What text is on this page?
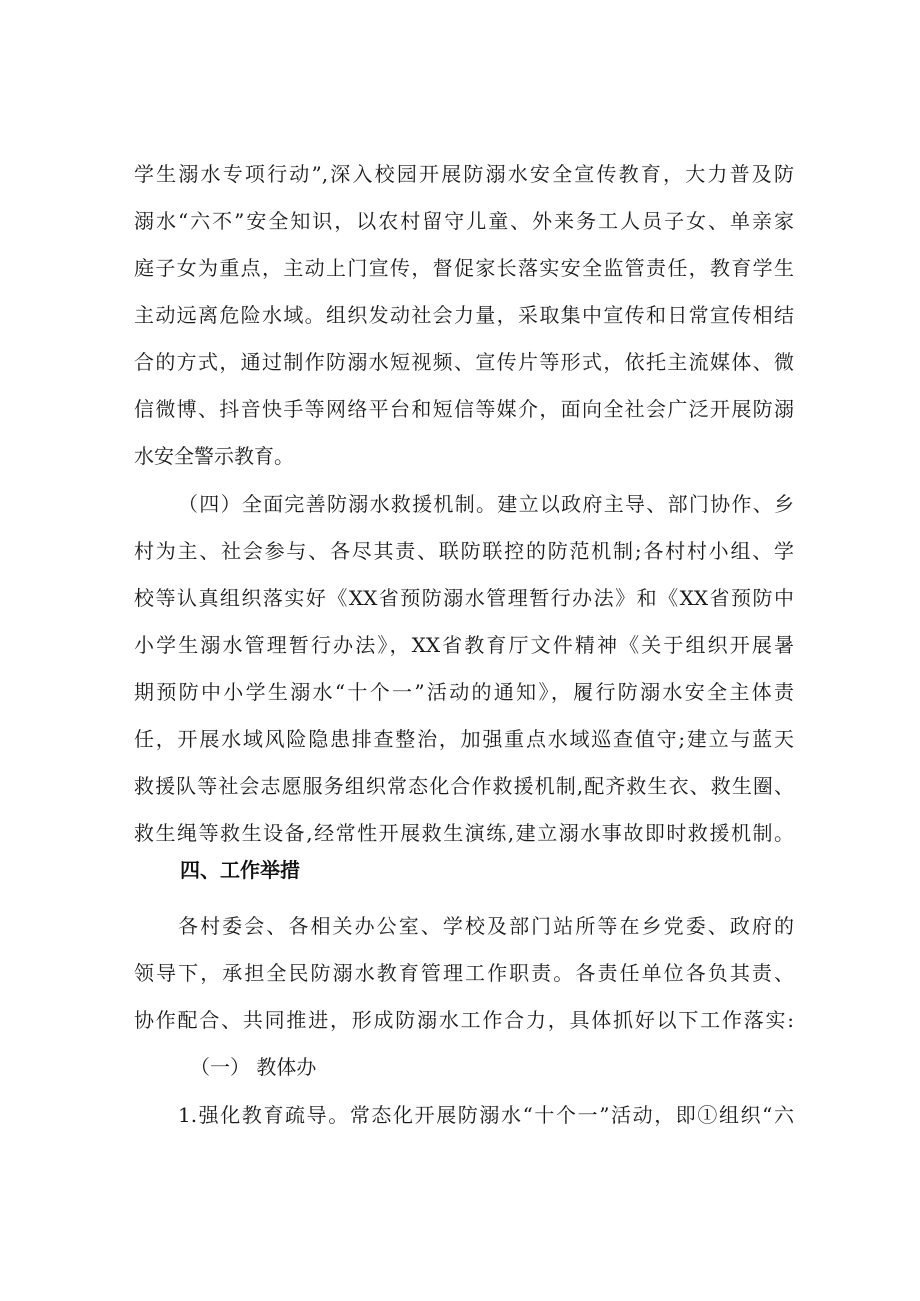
学生溺水专项行动”,深入校园开展防溺水安全宣传教育，大力普及防
溺水“六不”安全知识，以农村留守儿童、外来务工人员子女、单亲家
庭子女为重点，主动上门宣传，督促家长落实安全监管责任，教育学生
主动远离危险水域。组织发动社会力量，采取集中宣传和日常宣传相结
合的方式，通过制作防溺水短视频、宣传片等形式，依托主流媒体、微
信微博、抖音快手等网络平台和短信等媒介，面向全社会广泛开展防溺
水安全警示教育。
（四）全面完善防溺水救援机制。建立以政府主导、部门协作、乡
村为主、社会参与、各尽其责、联防联控的防范机制;各村村小组、学
校等认真组织落实好《XX省预防溺水管理暂行办法》和《XX省预防中
小学生溺水管理暂行办法》，XX省教育厅文件精神《关于组织开展暑
期预防中小学生溺水“十个一”活动的通知》，履行防溺水安全主体责
任，开展水域风险隐患排查整治，加强重点水域巡查值守;建立与蓝天
救援队等社会志愿服务组织常态化合作救援机制,配齐救生衣、救生圈、
救生绳等救生设备,经常性开展救生演练,建立溺水事故即时救援机制。
四、工作举措
各村委会、各相关办公室、学校及部门站所等在乡党委、政府的
领导下，承担全民防溺水教育管理工作职责。各责任单位各负其责、
协作配合、共同推进，形成防溺水工作合力，具体抓好以下工作落实:
（一） 教体办
1.强化教育疏导。常态化开展防溺水“十个一”活动，即①组织“六
